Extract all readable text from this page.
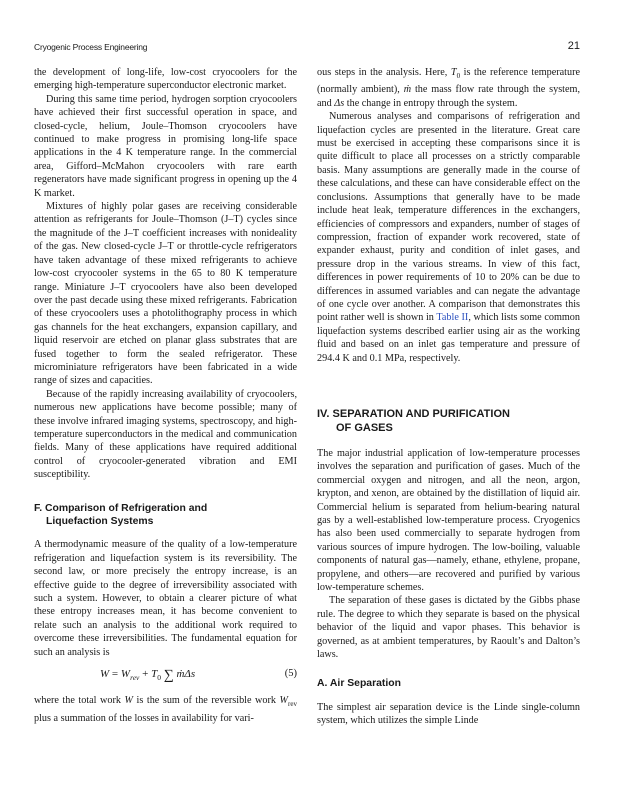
Cryogenic Process Engineering	21

the development of long-life, low-cost cryocoolers for the emerging high-temperature superconductor electronic market.

During this same time period, hydrogen sorption cryocoolers have achieved their first successful operation in space, and closed-cycle, helium, Joule–Thomson cryocoolers have continued to make progress in promising long-life space applications in the 4 K temperature range. In the commercial area, Gifford–McMahon cryocoolers with rare earth regenerators have made significant progress in opening up the 4 K market.

Mixtures of highly polar gases are receiving considerable attention as refrigerants for Joule–Thomson (J–T) cycles since the magnitude of the J–T coefficient increases with nonideality of the gas. New closed-cycle J–T or throttle-cycle refrigerators have taken advantage of these mixed refrigerants to achieve low-cost cryocooler systems in the 65 to 80 K temperature range. Miniature J–T cryocoolers have also been developed over the past decade using these mixed refrigerants. Fabrication of these cryocoolers uses a photolithography process in which gas channels for the heat exchangers, expansion capillary, and liquid reservoir are etched on planar glass substrates that are fused together to form the sealed refrigerator. These microminiature refrigerators have been fabricated in a wide range of sizes and capacities.

Because of the rapidly increasing availability of cryocoolers, numerous new applications have become possible; many of these involve infrared imaging systems, spectroscopy, and high-temperature superconductors in the medical and communication fields. Many of these applications have required additional control of cryocooler-generated vibration and EMI susceptibility.

F. Comparison of Refrigeration and
Liquefaction Systems

A thermodynamic measure of the quality of a low-temperature refrigeration and liquefaction system is its reversibility. The second law, or more precisely the entropy increase, is an effective guide to the degree of irreversibility associated with such a system. However, to obtain a clearer picture of what these entropy increases mean, it has become convenient to relate such an analysis to the additional work required to overcome these irreversibilities. The fundamental equation for such an analysis is

$W = W_{rev} + T_0$ ∑ ṁΔs	(5)

where the total work W is the sum of the reversible work $W_{rev}$ plus a summation of the losses in availability for vari-

ous steps in the analysis. Here, $T_0$ is the reference temperature (normally ambient), ṁ the mass flow rate through the system, and Δs the change in entropy through the system.

Numerous analyses and comparisons of refrigeration and liquefaction cycles are presented in the literature. Great care must be exercised in accepting these comparisons since it is quite difficult to place all processes on a strictly comparable basis. Many assumptions are generally made in the course of these calculations, and these can have considerable effect on the conclusions. Assumptions that generally have to be made include heat leak, temperature differences in the exchangers, efficiencies of compressors and expanders, number of stages of compression, fraction of expander work recovered, state of expander exhaust, purity and condition of inlet gases, and pressure drop in the various streams. In view of this fact, differences in power requirements of 10 to 20% can be due to differences in assumed variables and can negate the advantage of one cycle over another. A comparison that demonstrates this point rather well is shown in Table II, which lists some common liquefaction systems described earlier using air as the working fluid and based on an inlet gas temperature and pressure of 294.4 K and 0.1 MPa, respectively.

IV. SEPARATION AND PURIFICATION
OF GASES

The major industrial application of low-temperature processes involves the separation and purification of gases. Much of the commercial oxygen and nitrogen, and all the neon, argon, krypton, and xenon, are obtained by the distillation of liquid air. Commercial helium is separated from helium-bearing natural gas by a well-established low-temperature process. Cryogenics has also been used commercially to separate hydrogen from various sources of impure hydrogen. The low-boiling, valuable components of natural gas—namely, ethane, ethylene, propane, propylene, and others—are recovered and purified by various low-temperature schemes.

The separation of these gases is dictated by the Gibbs phase rule. The degree to which they separate is based on the physical behavior of the liquid and vapor phases. This behavior is governed, as at ambient temperatures, by Raoult’s and Dalton’s laws.

A. Air Separation

The simplest air separation device is the Linde single-column system, which utilizes the simple Linde
